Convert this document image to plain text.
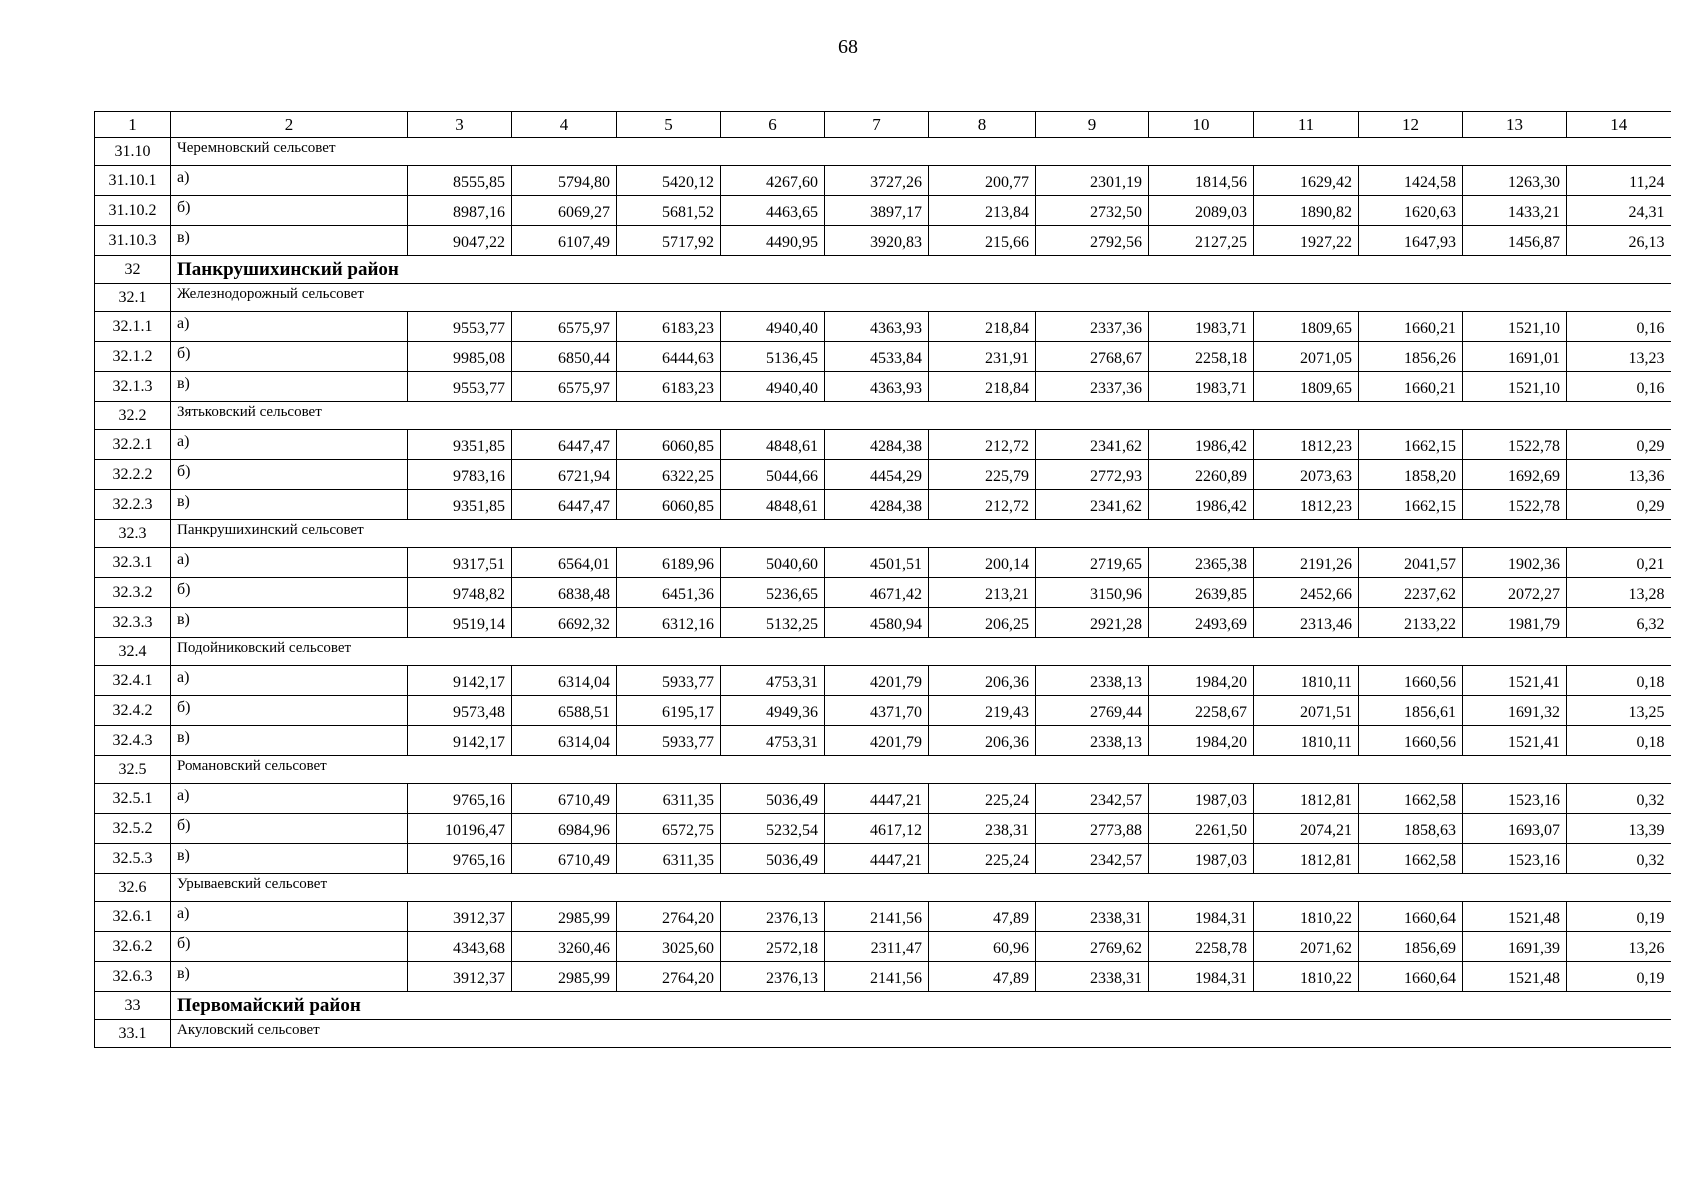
68
1	2	3	4	5	6	7	8	9	10	11	12	13	14
31.10	Черемновский сельсовет												
31.10.1	а)	8555,85	5794,80	5420,12	4267,60	3727,26	200,77	2301,19	1814,56	1629,42	1424,58	1263,30	11,24
31.10.2	б)	8987,16	6069,27	5681,52	4463,65	3897,17	213,84	2732,50	2089,03	1890,82	1620,63	1433,21	24,31
31.10.3	в)	9047,22	6107,49	5717,92	4490,95	3920,83	215,66	2792,56	2127,25	1927,22	1647,93	1456,87	26,13
32	Панкрушихинский район												
32.1	Железнодорожный сельсовет												
32.1.1	а)	9553,77	6575,97	6183,23	4940,40	4363,93	218,84	2337,36	1983,71	1809,65	1660,21	1521,10	0,16
32.1.2	б)	9985,08	6850,44	6444,63	5136,45	4533,84	231,91	2768,67	2258,18	2071,05	1856,26	1691,01	13,23
32.1.3	в)	9553,77	6575,97	6183,23	4940,40	4363,93	218,84	2337,36	1983,71	1809,65	1660,21	1521,10	0,16
32.2	Зятьковский сельсовет												
32.2.1	а)	9351,85	6447,47	6060,85	4848,61	4284,38	212,72	2341,62	1986,42	1812,23	1662,15	1522,78	0,29
32.2.2	б)	9783,16	6721,94	6322,25	5044,66	4454,29	225,79	2772,93	2260,89	2073,63	1858,20	1692,69	13,36
32.2.3	в)	9351,85	6447,47	6060,85	4848,61	4284,38	212,72	2341,62	1986,42	1812,23	1662,15	1522,78	0,29
32.3	Панкрушихинский сельсовет												
32.3.1	а)	9317,51	6564,01	6189,96	5040,60	4501,51	200,14	2719,65	2365,38	2191,26	2041,57	1902,36	0,21
32.3.2	б)	9748,82	6838,48	6451,36	5236,65	4671,42	213,21	3150,96	2639,85	2452,66	2237,62	2072,27	13,28
32.3.3	в)	9519,14	6692,32	6312,16	5132,25	4580,94	206,25	2921,28	2493,69	2313,46	2133,22	1981,79	6,32
32.4	Подойниковский сельсовет												
32.4.1	а)	9142,17	6314,04	5933,77	4753,31	4201,79	206,36	2338,13	1984,20	1810,11	1660,56	1521,41	0,18
32.4.2	б)	9573,48	6588,51	6195,17	4949,36	4371,70	219,43	2769,44	2258,67	2071,51	1856,61	1691,32	13,25
32.4.3	в)	9142,17	6314,04	5933,77	4753,31	4201,79	206,36	2338,13	1984,20	1810,11	1660,56	1521,41	0,18
32.5	Романовский сельсовет												
32.5.1	а)	9765,16	6710,49	6311,35	5036,49	4447,21	225,24	2342,57	1987,03	1812,81	1662,58	1523,16	0,32
32.5.2	б)	10196,47	6984,96	6572,75	5232,54	4617,12	238,31	2773,88	2261,50	2074,21	1858,63	1693,07	13,39
32.5.3	в)	9765,16	6710,49	6311,35	5036,49	4447,21	225,24	2342,57	1987,03	1812,81	1662,58	1523,16	0,32
32.6	Урываевский сельсовет												
32.6.1	а)	3912,37	2985,99	2764,20	2376,13	2141,56	47,89	2338,31	1984,31	1810,22	1660,64	1521,48	0,19
32.6.2	б)	4343,68	3260,46	3025,60	2572,18	2311,47	60,96	2769,62	2258,78	2071,62	1856,69	1691,39	13,26
32.6.3	в)	3912,37	2985,99	2764,20	2376,13	2141,56	47,89	2338,31	1984,31	1810,22	1660,64	1521,48	0,19
33	Первомайский район												
33.1	Акуловский сельсовет												
